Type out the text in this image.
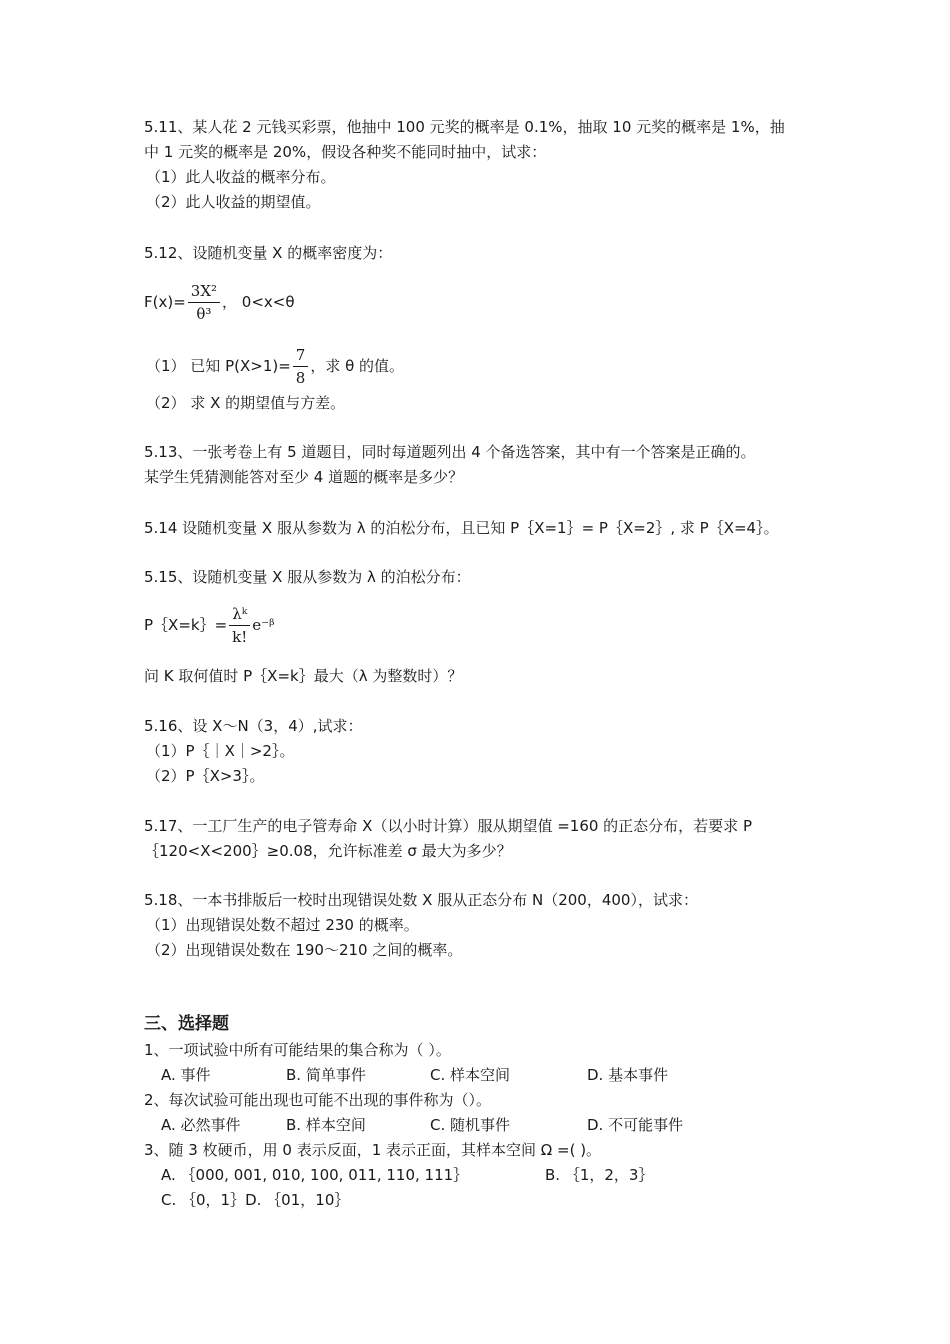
5.11、某人花 2 元钱买彩票，他抽中 100 元奖的概率是 0.1%，抽取 10 元奖的概率是 1%，抽
中 1 元奖的概率是 20%，假设各种奖不能同时抽中，试求：
（1）此人收益的概率分布。
（2）此人收益的期望值。
5.12、设随机变量 X 的概率密度为：
$F(x)= \frac{\text{3X²}}{\text{θ³}}$ ， 0<x<θ
（1） 已知 $P(X>1)= \frac{7}{8}$ ，求 θ 的值。
（2） 求 X 的期望值与方差。
5.13、一张考卷上有 5 道题目，同时每道题列出 4 个备选答案，其中有一个答案是正确的。
某学生凭猜测能答对至少 4 道题的概率是多少？
5.14 设随机变量 X 服从参数为 λ 的泊松分布，且已知 P｛X=1｝= P｛X=2｝, 求 P｛X=4｝。
5.15、设随机变量 X 服从参数为 λ 的泊松分布：
P｛X=k｝= $\frac{\text{λᵏ}}{k!}$ e⁻ᵝ
问 K 取何值时 P｛X=k｝最大（λ 为整数时）？
5.16、设 X～N（3，4）,试求：
（1）P｛｜X｜>2｝。
（2）P｛X>3｝。
5.17、一工厂生产的电子管寿命 X（以小时计算）服从期望值 =160 的正态分布，若要求 P
｛120<X<200｝≥0.08，允许标准差 σ 最大为多少？
5.18、一本书排版后一校时出现错误处数 X 服从正态分布 N（200，400），试求：
（1）出现错误处数不超过 230 的概率。
（2）出现错误处数在 190～210 之间的概率。
三、选择题
1、一项试验中所有可能结果的集合称为（ ）。
A. 事件	B. 简单事件	C. 样本空间	D. 基本事件
2、每次试验可能出现也可能不出现的事件称为（）。
A. 必然事件	B. 样本空间	C. 随机事件	D. 不可能事件
3、随 3 枚硬币，用 0 表示反面，1 表示正面，其样本空间 Ω =( )。
A. ｛000, 001, 010, 100, 011, 110, 111｝	B. ｛1，2，3｝
C. ｛0，1｝D. ｛01，10｝
